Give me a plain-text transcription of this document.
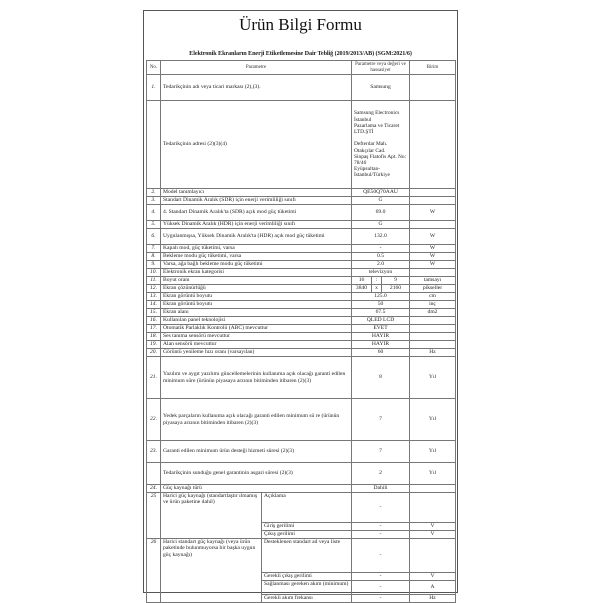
Ürün Bilgi Formu
Elektronik Ekranların Enerji Etiketlemesine Dair Tebliğ (2019/2013/AB) (SGM:2021/6)
No.	Parametre		Parametre veya değeri ve hassasiyet			Birim
1.	Tedarikçinin adı veya ticari markası (2),(3).		Samsung			
	Tedarikçinin adresi (2)(3)(4)		Samsung Electronics İstanbul
Pazarlama ve Ticaret LTD.ŞTİ

Defterdar Mah. Otakçılar Cad.
Sinpaş Flatofis Apt. No: 78/46
Eyüpsultan-İstanbul/Türkiye			

2.	Model tanımlayıcı		QE50Q70AAU			
3.	Standart Dinamik Aralık (SDR) için enerji verimliliği sınıfı		G			
4.	4. Standart Dinamik Aralık'ta (SDR) açık mod güç tüketimi		69.0			W
5.	Yüksek Dinamik Aralık (HDR) için enerji verimliliği sınıfı		G			
6.	Uygulanmışsa, Yüksek Dinamik Aralık'ta (HDR) açık mod güç tüketimi		132.0			W
7.	Kapalı mod, güç tüketimi, varsa		-			W
8.	Bekleme modu güç tüketimi, varsa		0.5			W
9.	Varsa, ağa bağlı bekleme modu güç tüketimi		2.0			W
10.	Elektronik ekran kategorisi		televizyon			
11.	Boyut oranı		16	:	9	tamsayı
12.	Ekran çözünürlüğü		3840	x	2160	pikseller
13.	Ekran görüntü boyutu		125.0			cm
14.	Ekran görüntü boyutu		50			inç
15.	Ekran alanı		67.5			dm2
16.	Kullanılan panel teknolojisi		QLED LCD			
17.	Otomatik Parlaklık Kontrolü (ABC) mevcuttur		EVET			
18.	Ses tanıma sensörü mevcuttur		HAYIR			
19.	Alan sensörü mevcuttur		HAYIR			
20.	Görüntü yenileme hızı oranı (varsayılan)		60			Hz
21.	Yazılım ve aygıt yazılımı güncellemelerinin kullanıma açık olacağı garanti edilen minimum süre (ürünün piyasaya arzının bitiminden itibaren (2)(3)		8			Yıl
22.	Yedek parçaların kullanıma açık olacağı garanti edilen minimum sü re (ürünün piyasaya arzının bitiminden itibaren (2)(3)		7			Yıl
23.	Garanti edilen minimum ürün desteği hizmeti süresi (2)(3)		7			Yıl
	Tedarikçinin sunduğu genel garantinin asgari süresi (2)(3)		2			Yıl
24.	Güç kaynağı türü		Dahili			
25	Harici güç kaynağı (standartlaştır ılmamış ve ürün paketine dahil)	Açıklama	-			
		Giriş gerilimi	-			V
		Çıkış gerilimi	-			V
26	Harici standart güç kaynağı (veya ürün paketinde bulunmuyorsa bir başka uygun güç kaynağı)	Desteklenen standart ad veya liste	-			
		Gerekli çıkış gerilimi	-			V
		Sağlanması gereken akım (minimum)	-			A
		Gerekli akım frekansı	-			Hz
